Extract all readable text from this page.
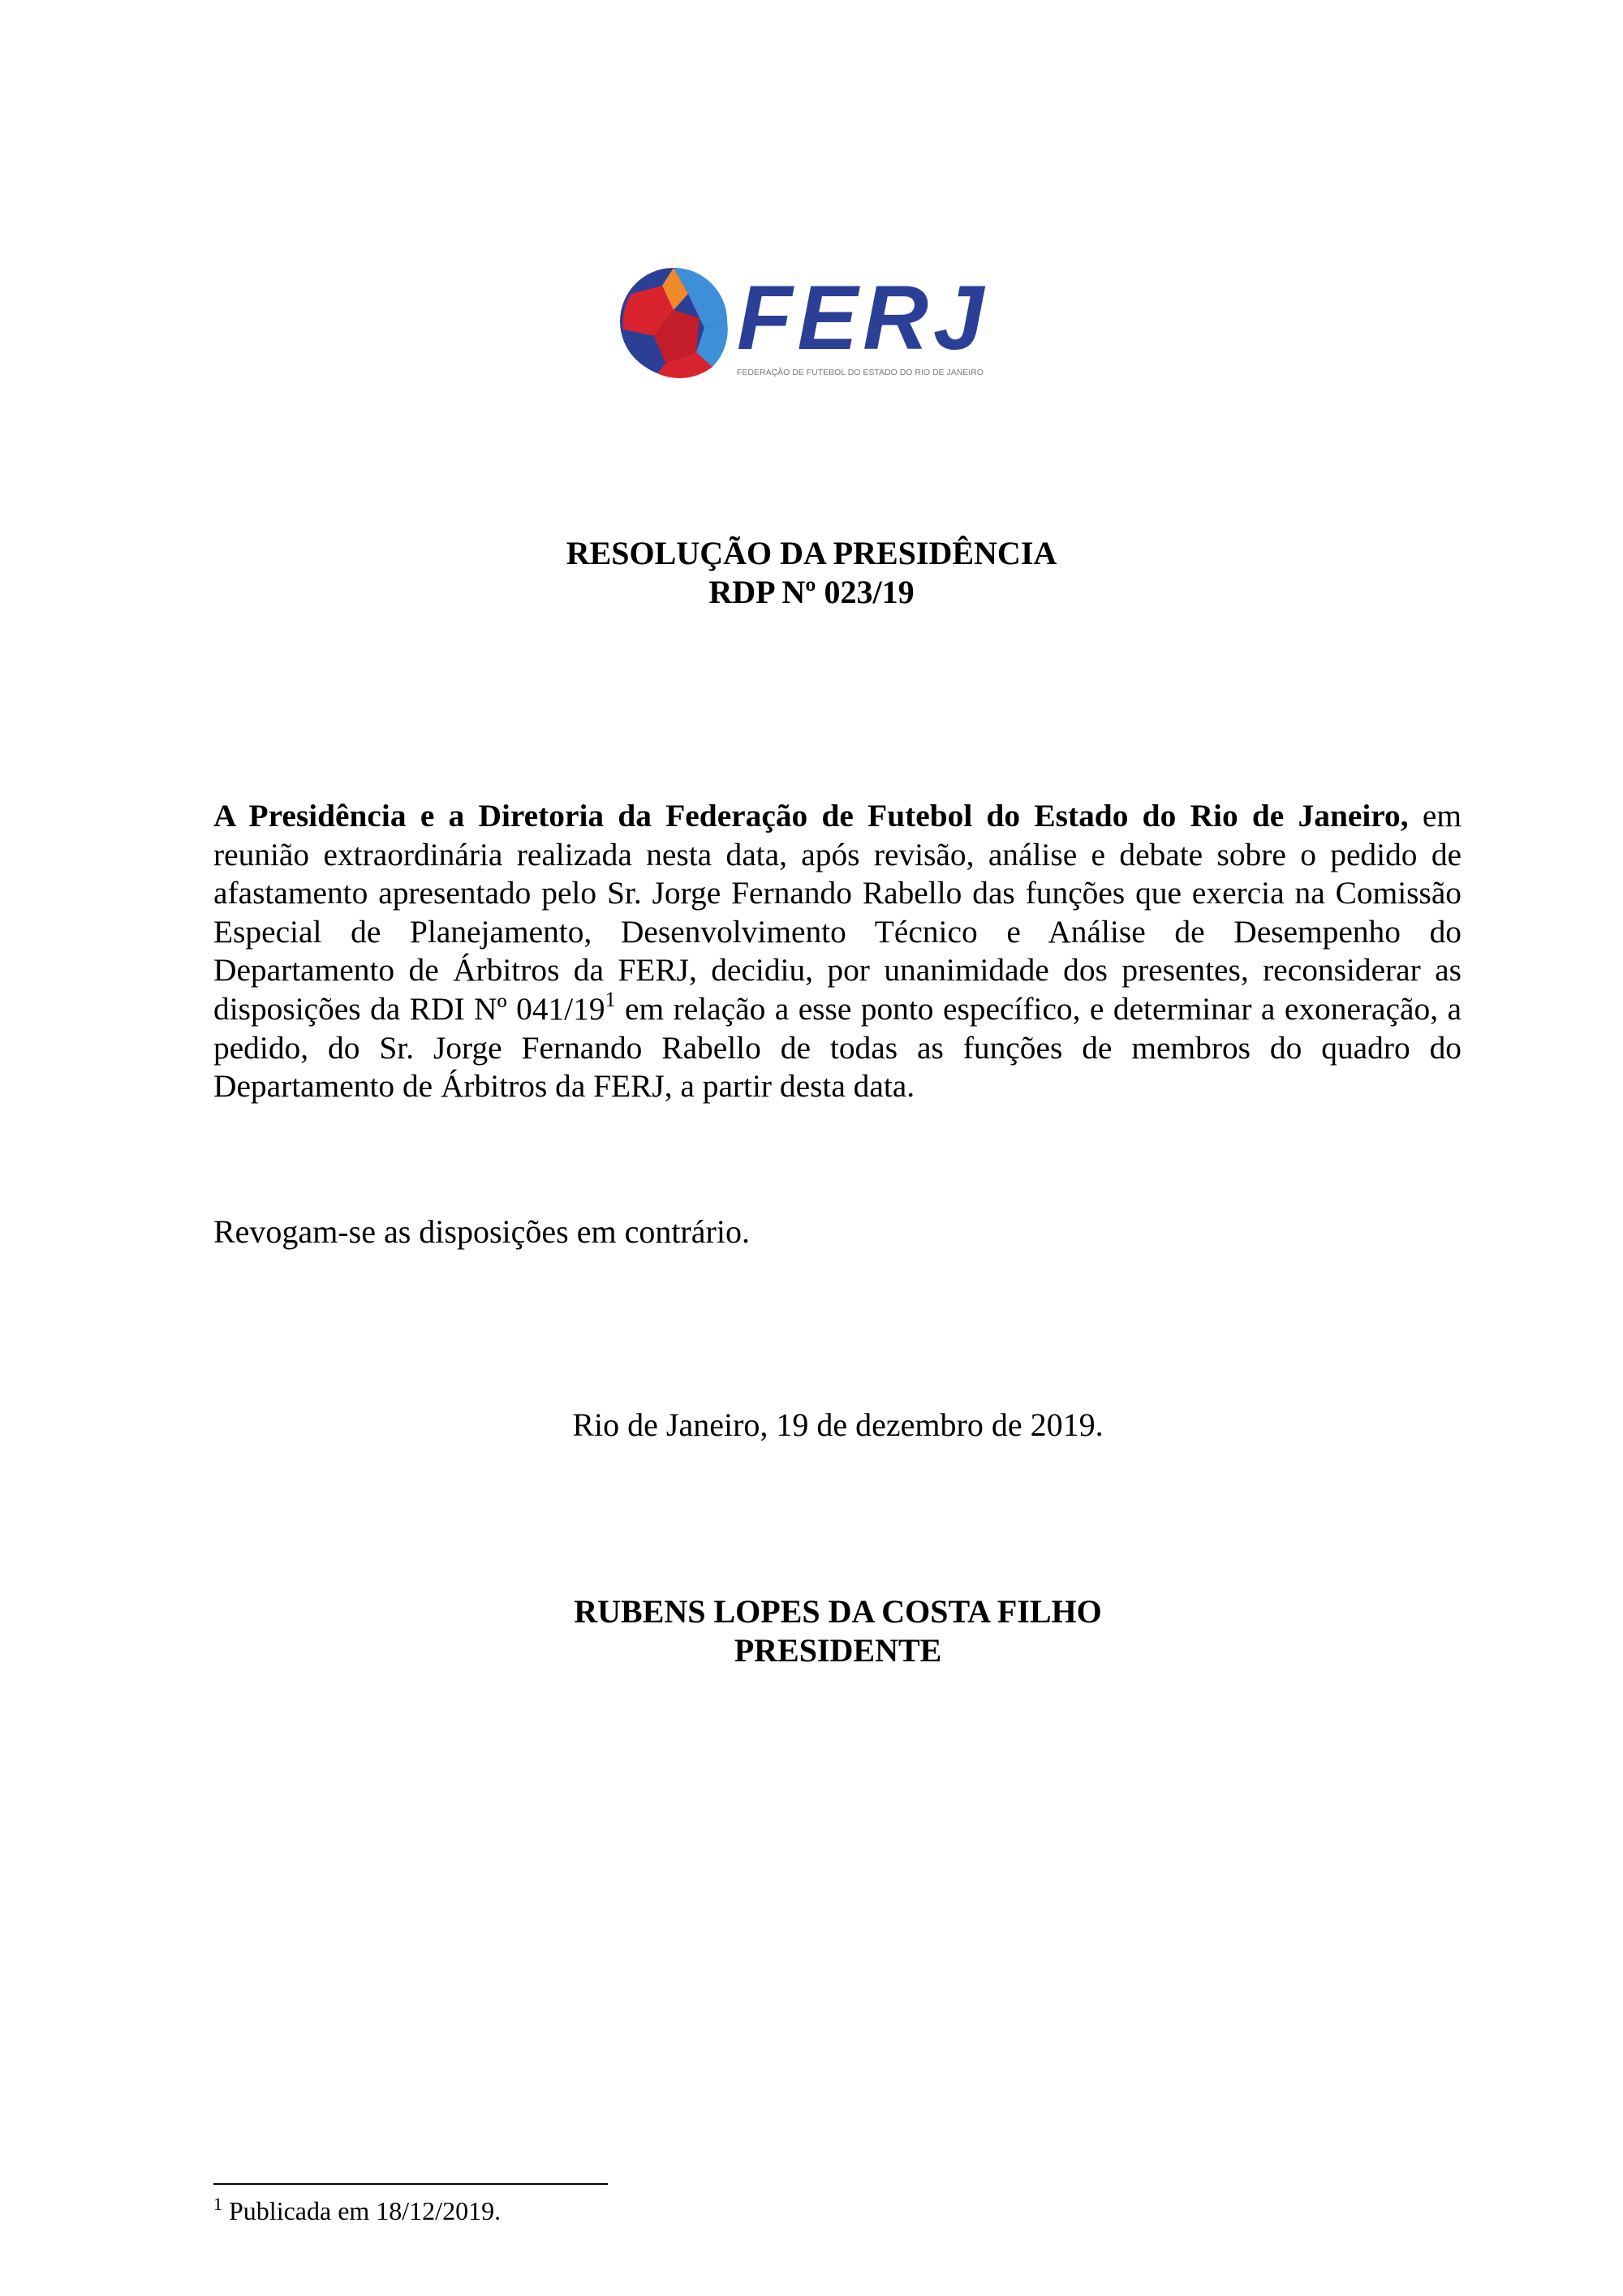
FERJ
FEDERAÇÃO DE FUTEBOL DO ESTADO DO RIO DE JANEIRO
RESOLUÇÃO DA PRESIDÊNCIA
RDP Nº 023/19
A Presidência e a Diretoria da Federação de Futebol do Estado do Rio de Janeiro, em reunião extraordinária realizada nesta data, após revisão, análise e debate sobre o pedido de afastamento apresentado pelo Sr. Jorge Fernando Rabello das funções que exercia na Comissão Especial de Planejamento, Desenvolvimento Técnico e Análise de Desempenho do Departamento de Árbitros da FERJ, decidiu, por unanimidade dos presentes, reconsiderar as disposições da RDI Nº $041/19^1$ em relação a esse ponto específico, e determinar a exoneração, a pedido, do Sr. Jorge Fernando Rabello de todas as funções de membros do quadro do Departamento de Árbitros da FERJ, a partir desta data.
Revogam-se as disposições em contrário.
Rio de Janeiro, 19 de dezembro de 2019.
RUBENS LOPES DA COSTA FILHO
PRESIDENTE
$^1$ Publicada em 18/12/2019.
